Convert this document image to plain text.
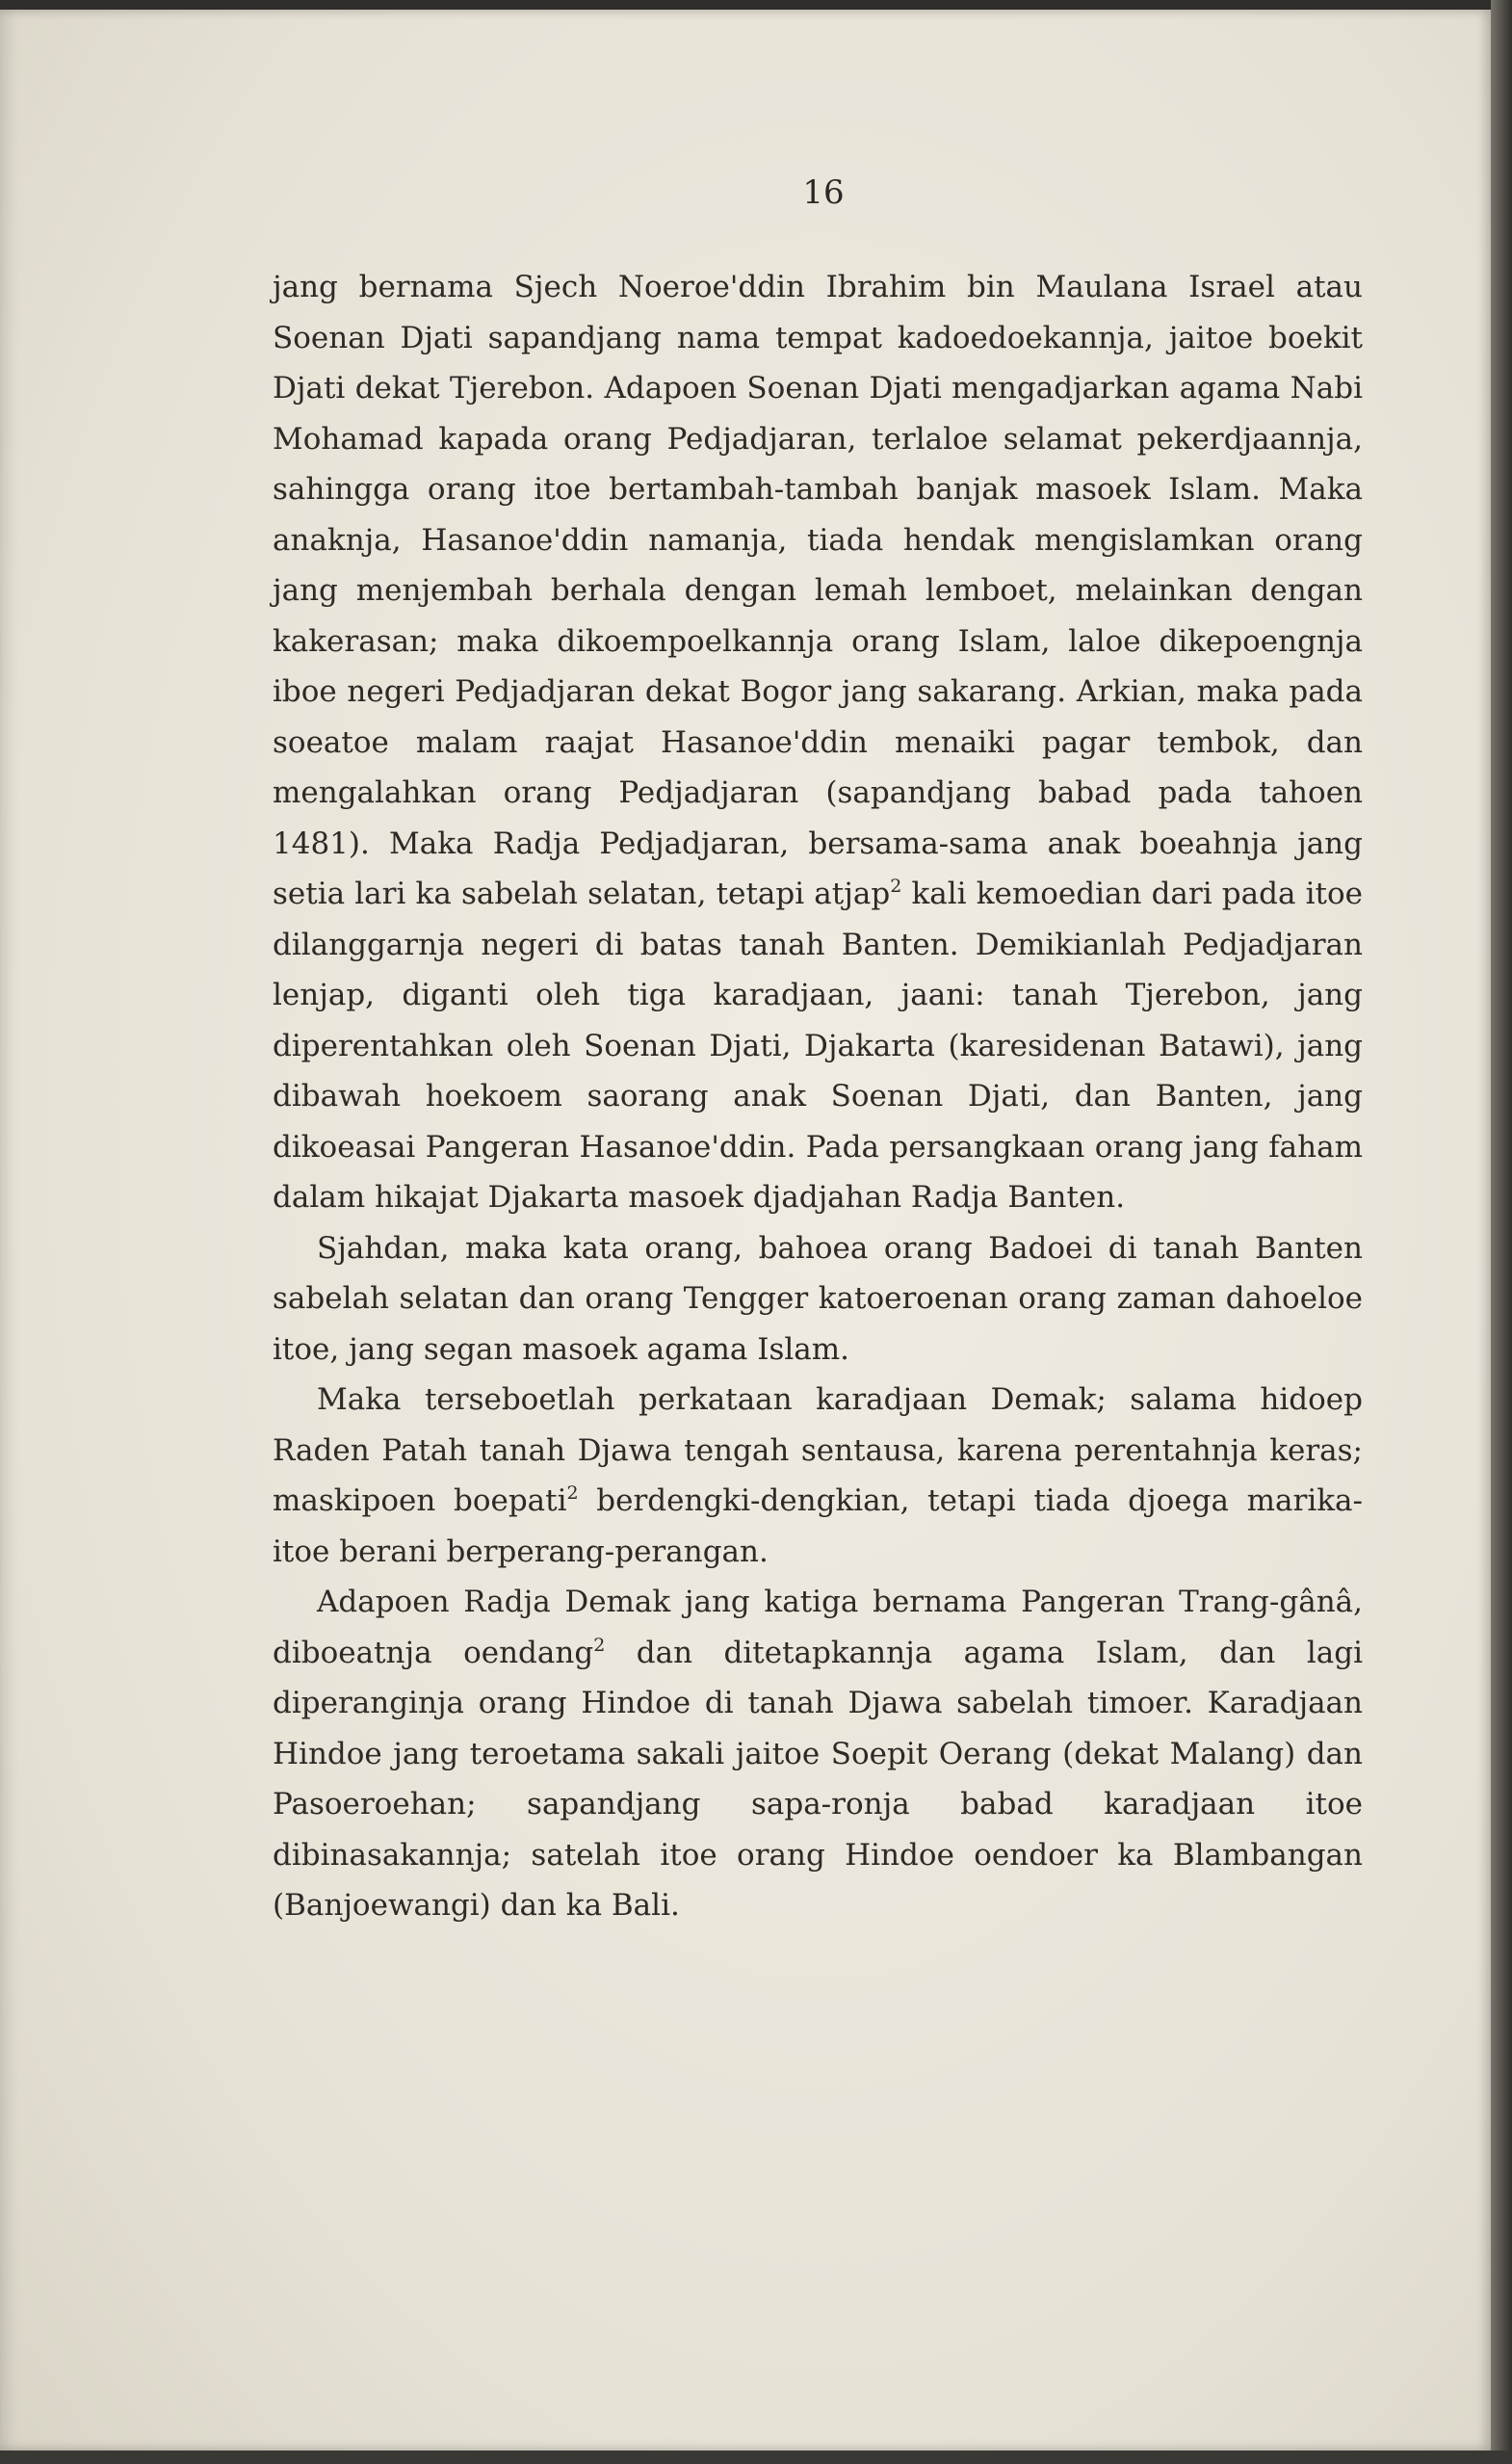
16

jang bernama Sjech Noeroe'ddin Ibrahim bin Maulana Israel atau Soenan Djati sapandjang nama tempat kadoedoekannja, jaitoe boekit Djati dekat Tjerebon. Adapoen Soenan Djati mengadjarkan agama Nabi Mohamad kapada orang Pedjadjaran, terlaloe selamat pekerdjaannja, sahingga orang itoe bertambah-tambah banjak masoek Islam. Maka anaknja, Hasanoe'ddin namanja, tiada hendak mengislamkan orang jang menjembah berhala dengan lemah lemboet, melainkan dengan kakerasan; maka dikoempoelkannja orang Islam, laloe dikepoengnja iboe negeri Pedjadjaran dekat Bogor jang sakarang. Arkian, maka pada soeatoe malam raajat Hasanoe'ddin menaiki pagar tembok, dan mengalahkan orang Pedjadjaran (sapandjang babad pada tahoen 1481). Maka Radja Pedjadjaran, bersama-sama anak boeahnja jang setia lari ka sabelah selatan, tetapi atjap$^2$ kali kemoedian dari pada itoe dilanggarnja negeri di batas tanah Banten. Demikianlah Pedjadjaran lenjap, diganti oleh tiga karadjaan, jaani: tanah Tjerebon, jang diperentahkan oleh Soenan Djati, Djakarta (karesidenan Batawi), jang dibawah hoekoem saorang anak Soenan Djati, dan Banten, jang dikoeasai Pangeran Hasanoe'ddin. Pada persangkaan orang jang faham dalam hikajat Djakarta masoek djadjahan Radja Banten.

Sjahdan, maka kata orang, bahoea orang Badoei di tanah Banten sabelah selatan dan orang Tengger katoeroenan orang zaman dahoeloe itoe, jang segan masoek agama Islam.

Maka terseboetlah perkataan karadjaan Demak; salama hidoep Raden Patah tanah Djawa tengah sentausa, karena perentahnja keras; maskipoen boepati$^2$ berdengki-dengkian, tetapi tiada djoega marika-itoe berani berperang-perangan.

Adapoen Radja Demak jang katiga bernama Pangeran Trang-gânâ, diboeatnja oendang$^2$ dan ditetapkannja agama Islam, dan lagi diperanginja orang Hindoe di tanah Djawa sabelah timoer. Karadjaan Hindoe jang teroetama sakali jaitoe Soepit Oerang (dekat Malang) dan Pasoeroehan; sapandjang sapa-ronja babad karadjaan itoe dibinasakannja; satelah itoe orang Hindoe oendoer ka Blambangan (Banjoewangi) dan ka Bali.
